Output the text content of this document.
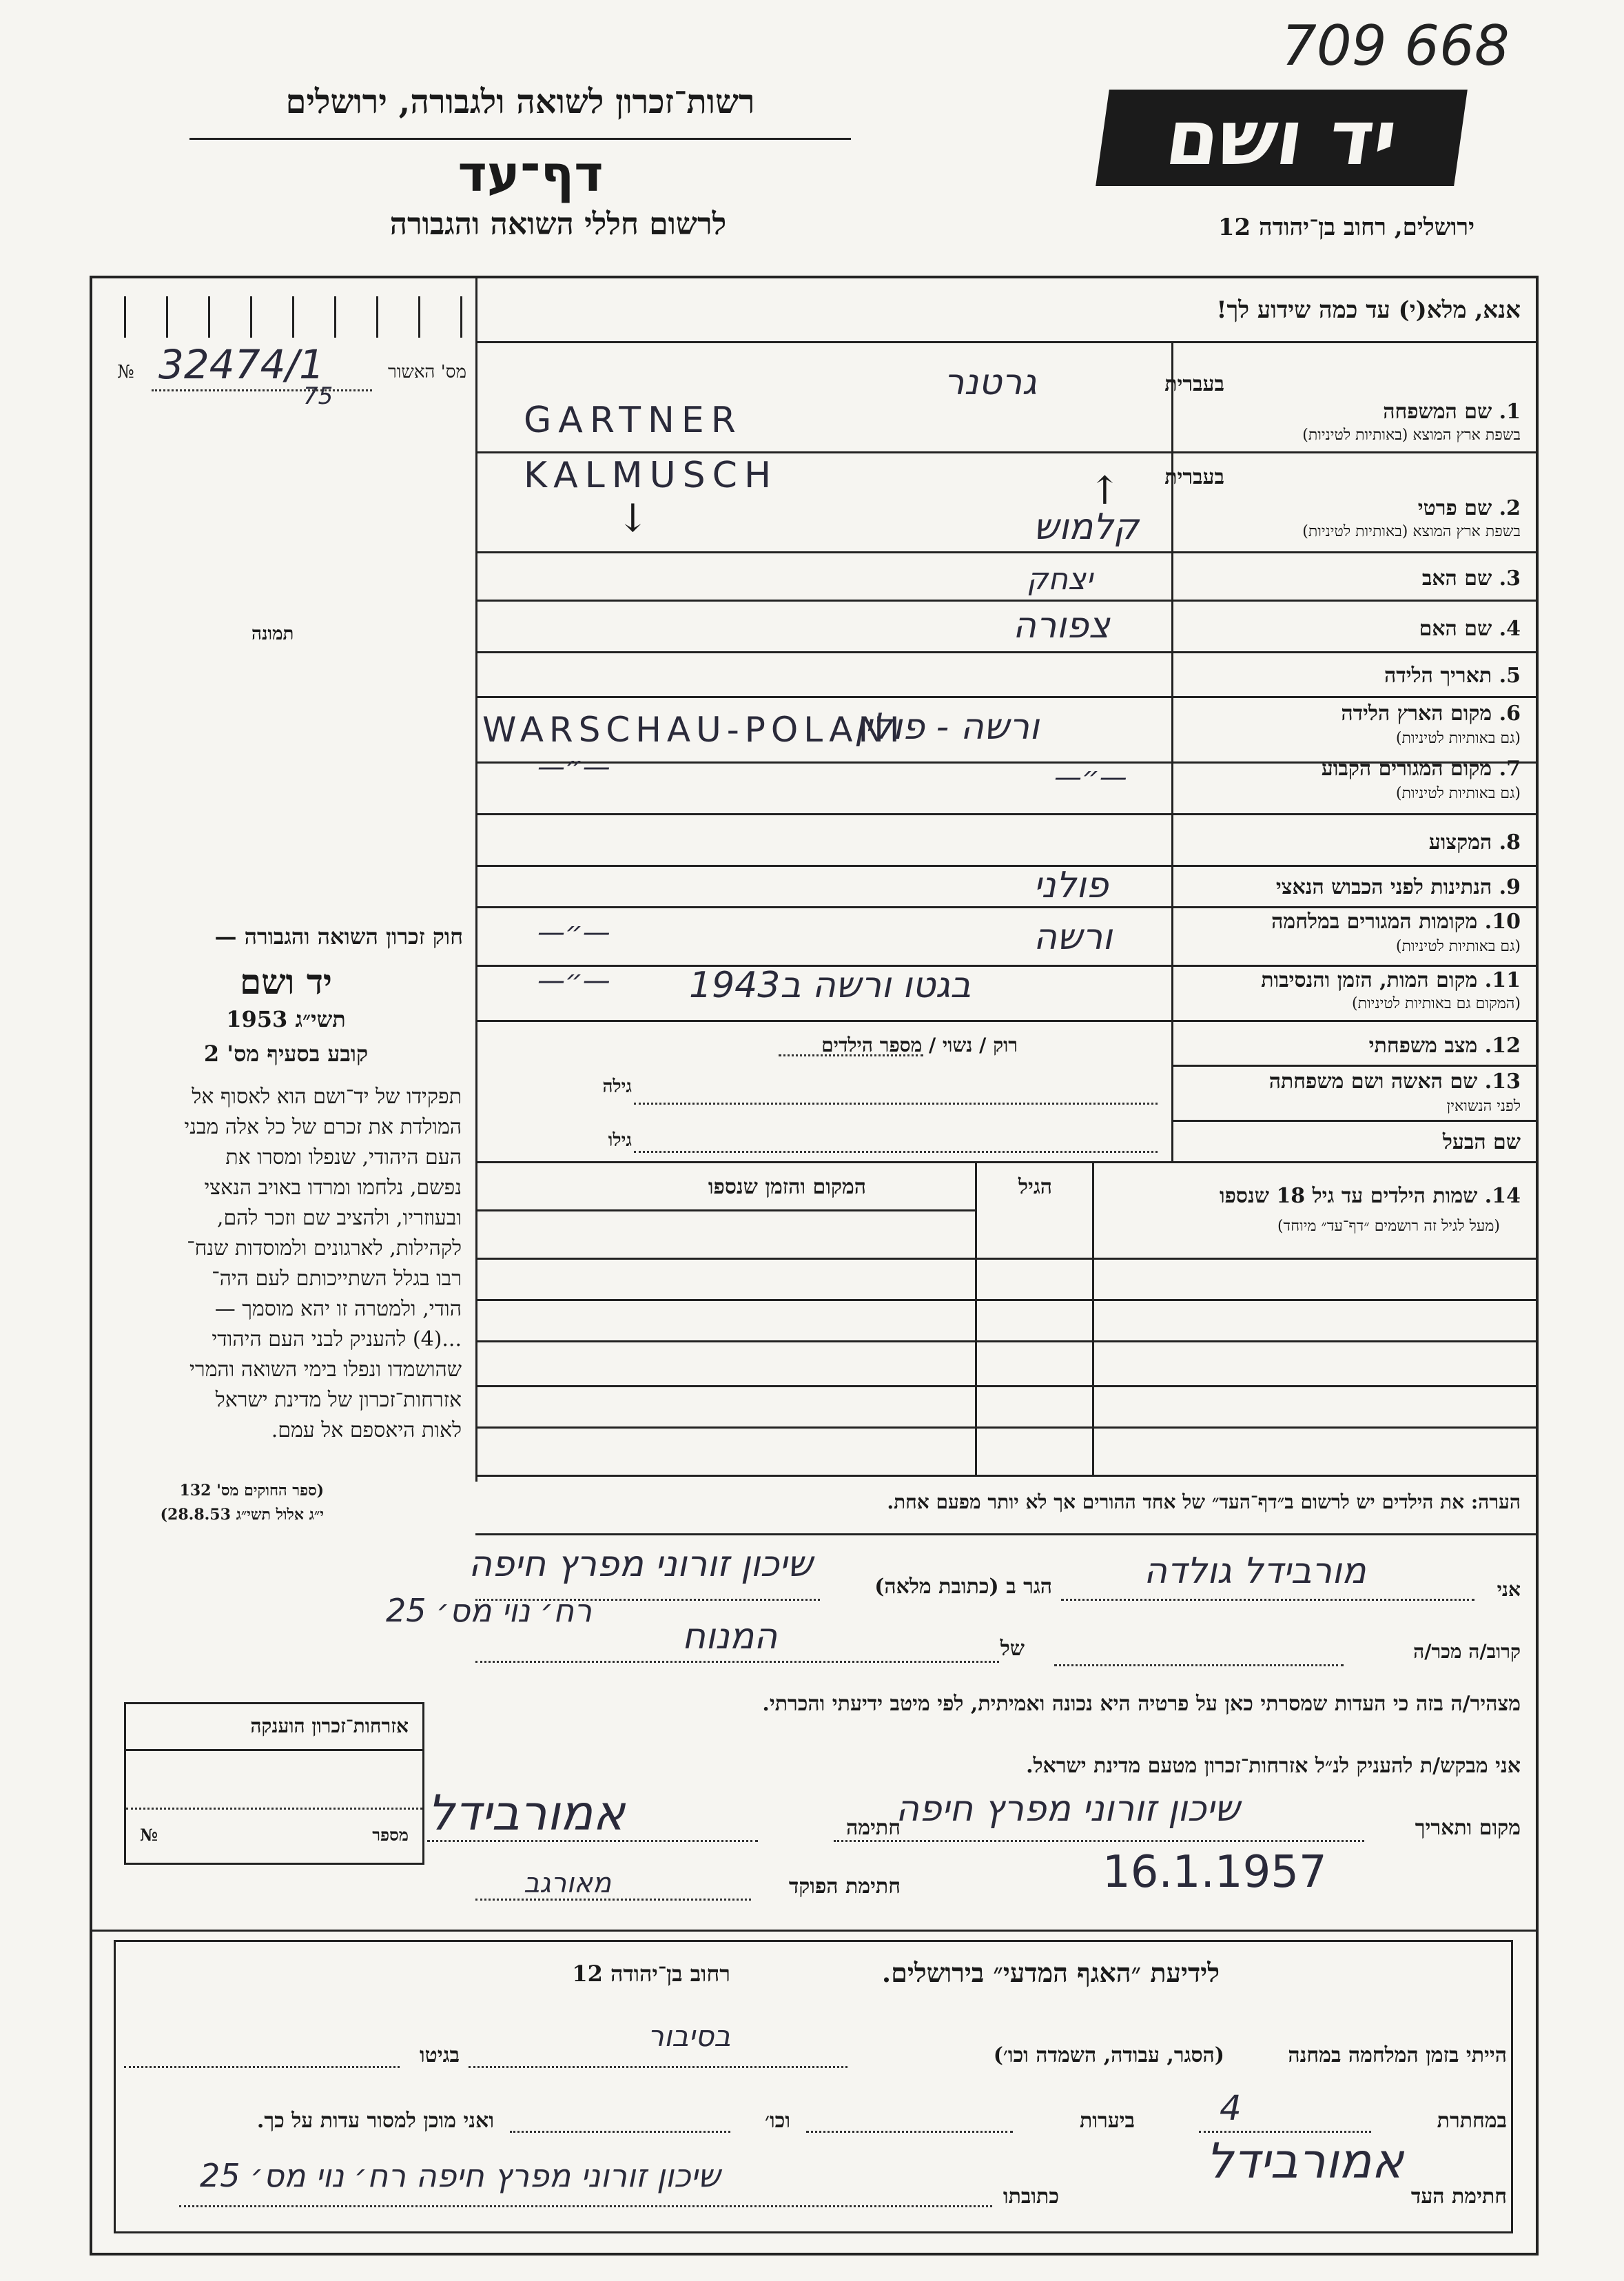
709 668
יד ושם
רשות־זכרון לשואה ולגבורה, ירושלים
דף־עד
לרשום חללי השואה והגבורה	ירושלים, רחוב בן־יהודה 12
אנא, מלא(י) עד כמה שידוע לך!
מס' האשור
№ 32474/1
75
תמונה
בעברית
1. שם המשפחה
בשפת ארץ המוצא (באותיות לטיניות)
גרטנר
GARTNER
בעברית
2. שם פרטי
בשפת ארץ המוצא (באותיות לטיניות)
קלמוש
KALMUSCH
↓
↑
3. שם האב
יצחק
4. שם האם
צפורה
5. תאריך הלידה
6. מקום הארץ הלידה
(גם באותיות לטיניות)
ורשה - פולין
WARSCHAU-POLANI
7. מקום המגורים הקבוע
(גם באותיות לטיניות)
—״—
—״—
8. המקצוע
9. הנתינות לפני הכבוש הנאצי
פולני
10. מקומות המגורים במלחמה
(גם באותיות לטיניות)
ורשה
—״—
11. מקום המות, הזמן והנסיבות
(המקום גם באותיות לטיניות)
בגטו ורשה ב1943
—״—
12. מצב משפחתי
רוק / נשוי / מספר הילדים
13. שם האשה ושם משפחתה
לפני הנשואין
גילה
גילו	שם הבעל
14. שמות הילדים עד גיל 18 שנספו
(מעל לגיל זה רושמים ״דף־עד״ מיוחד)
הגיל
המקום והזמן שנספו
הערה: את הילדים יש לרשום ב״דף־העד״ של אחד ההורים אך לא יותר מפעם אחת.
חוק זכרון השואה והגבורה —
יד ושם
תשי״ג 1953
קובע בסעיף מס' 2
תפקידו של יד־ושם הוא לאסוף אל
המולדת את זכרם של כל אלה מבני
העם היהודי, שנפלו ומסרו את
נפשם, נלחמו ומרדו באויב הנאצי
ובעוזריו, ולהציב שם וזכר להם,
לקהילות, לארגונים ולמוסדות שנח־
רבו בגלל השתייכותם לעם היה־
הודי, ולמטרה זו יהא מוסמך —
...(4) להעניק לבני העם היהודי
שהושמדו ונפלו בימי השואה והמרי
אזרחות־זכרון של מדינת ישראל
לאות היאספם אל עמם.
(ספר החוקים מס' 132
י״ג אלול תשי״ג 28.8.53)
אני
מורבידל גולדה
הגר ב (כתובת מלאה)
שיכון זורוני מפרץ חיפה
רח׳ נוי מס׳ 25
קרוב/ה מכר/ה
של
המנוח
מצהיר/ה בזה כי העדות שמסרתי כאן על פרטיה היא נכונה ואמיתית, לפי מיטב ידיעתי והכרתי.
אני מבקש/ת להעניק לנ״ל אזרחות־זכרון מטעם מדינת ישראל.
מקום ותאריך
שיכון זורוני מפרץ חיפה
16.1.1957
חתימה
אמורבידל
חתימת הפוקד
מאורגב
אזרחות־זכרון הוענקה
מספר
№
לידיעת ״האגף המדעי״ בירושלים.
רחוב בן־יהודה 12
הייתי בזמן המלחמה במחנה
(הסגר, עבודה, השמדה וכו׳)
בסיבור
בגיטו
במחתרת
4
ביערות
וכו׳
ואני מוכן למסור עדות על כך.
חתימת העד
אמורבידל
כתובתו
שיכון זורוני מפרץ חיפה רח׳ נוי מס׳ 25
